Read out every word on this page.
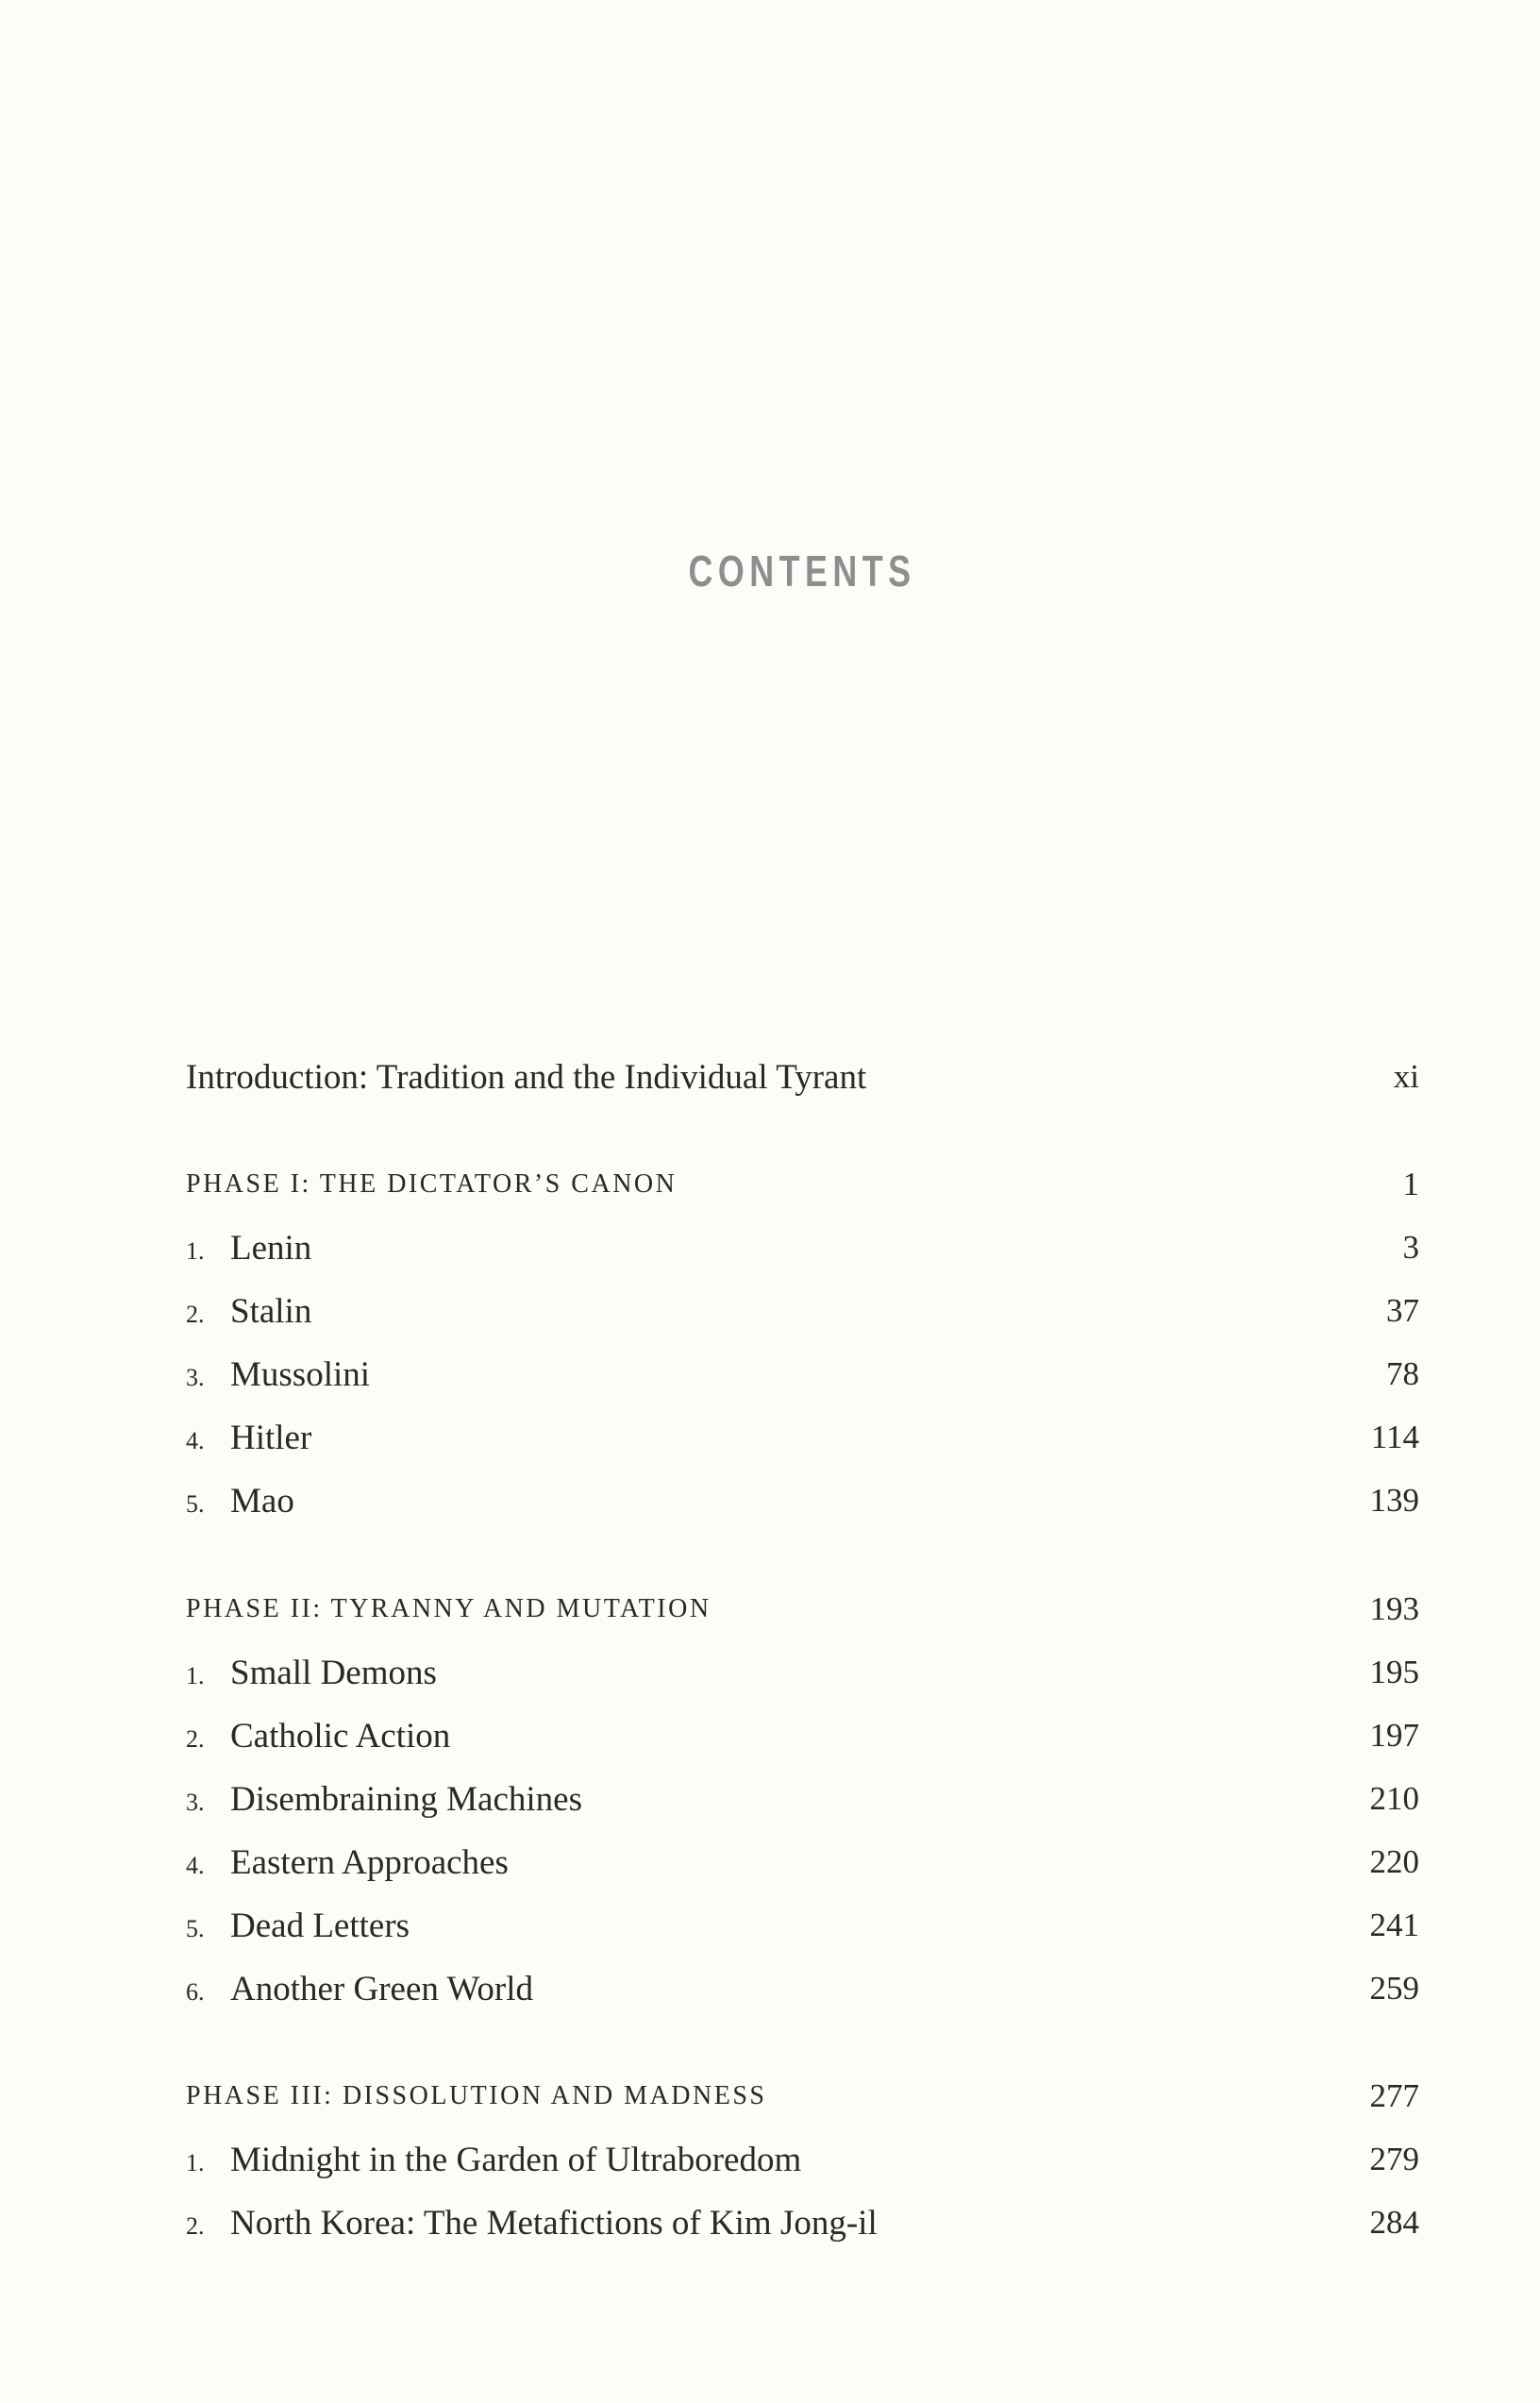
CONTENTS
Introduction: Tradition and the Individual Tyrant	xi
PHASE I: THE DICTATOR’S CANON	1
1. Lenin	3
2. Stalin	37
3. Mussolini	78
4. Hitler	114
5. Mao	139
PHASE II: TYRANNY AND MUTATION	193
1. Small Demons	195
2. Catholic Action	197
3. Disembraining Machines	210
4. Eastern Approaches	220
5. Dead Letters	241
6. Another Green World	259
PHASE III: DISSOLUTION AND MADNESS	277
1. Midnight in the Garden of Ultraboredom	279
2. North Korea: The Metafictions of Kim Jong-il	284
